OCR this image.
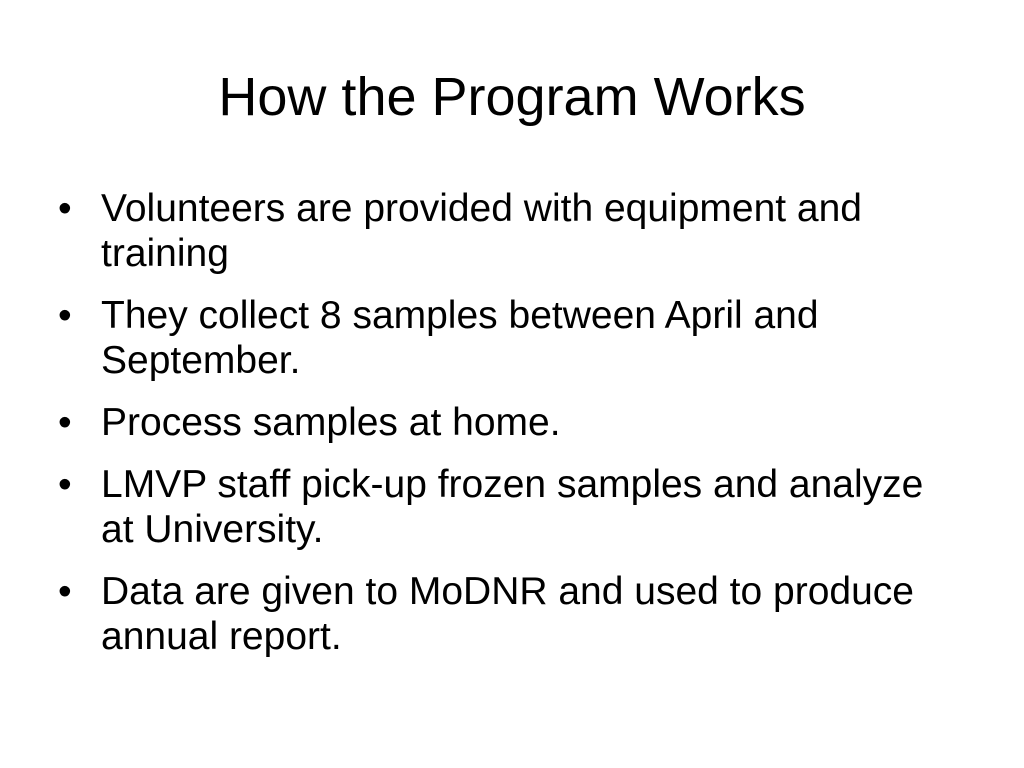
How the Program Works
• Volunteers are provided with equipment and training
• They collect 8 samples between April and September.
• Process samples at home.
• LMVP staff pick-up frozen samples and analyze at University.
• Data are given to MoDNR and used to produce annual report.
